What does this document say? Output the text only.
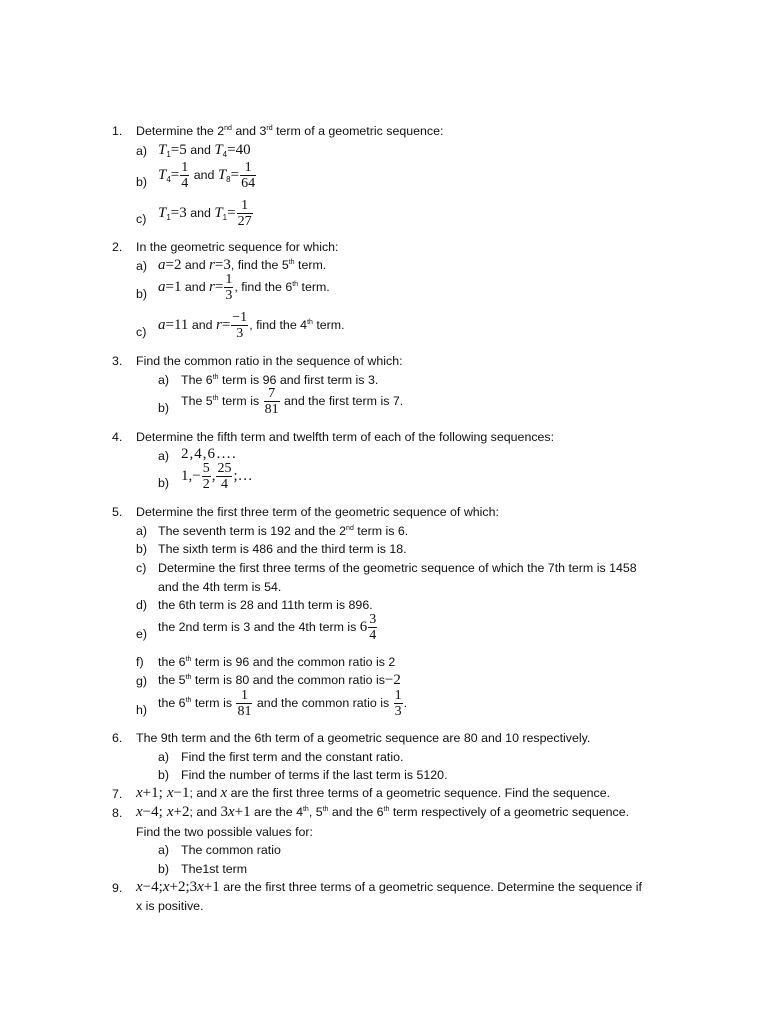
1. Determine the 2nd and 3rd term of a geometric sequence:
a) $T_1=5$ and $T_4=40$
b) $T_4= \frac{1}{4}$ and $T_8= \frac{1}{64}$
c) $T_1=3$ and $T_1= \frac{1}{27}$
2. In the geometric sequence for which:
a) a=2 and r=3, find the 5th term.
b) a=1 and $r= \frac{1}{3}$ , find the 6th term.
c) a=11 and $r= \frac{-1}{3}$ , find the 4th term.
3. Find the common ratio in the sequence of which:
a) The 6th term is 96 and first term is 3.
b) The 5th term is $\frac{7}{81}$ and the first term is 7.
4. Determine the fifth term and twelfth term of each of the following sequences:
a) 2,4,6….
b) $1,- \frac{5}{2}$ , $\frac{25}{4}$ ;…
5. Determine the first three term of the geometric sequence of which:
a) The seventh term is 192 and the 2nd term is 6.
b) The sixth term is 486 and the third term is 18.
c) Determine the first three terms of the geometric sequence of which the 7th term is 1458
and the 4th term is 54.
d) the 6th term is 28 and 11th term is 896.
e) the 2nd term is 3 and the 4th term is $6 \frac{3}{4}$
f) the 6th term is 96 and the common ratio is 2
g) the 5th term is 80 and the common ratio is−2
h) the 6th term is $\frac{1}{81}$ and the common ratio is $\frac{1}{3}$ .
6. The 9th term and the 6th term of a geometric sequence are 80 and 10 respectively.
a) Find the first term and the constant ratio.
b) Find the number of terms if the last term is 5120.
7. x+1; x−1; and x are the first three terms of a geometric sequence. Find the sequence.
8. x−4; x+2; and 3x+1 are the 4th, 5th and the 6th term respectively of a geometric sequence.
Find the two possible values for:
a) The common ratio
b) The1st term
9. x−4;x+2;3x+1 are the first three terms of a geometric sequence. Determine the sequence if
x is positive.
